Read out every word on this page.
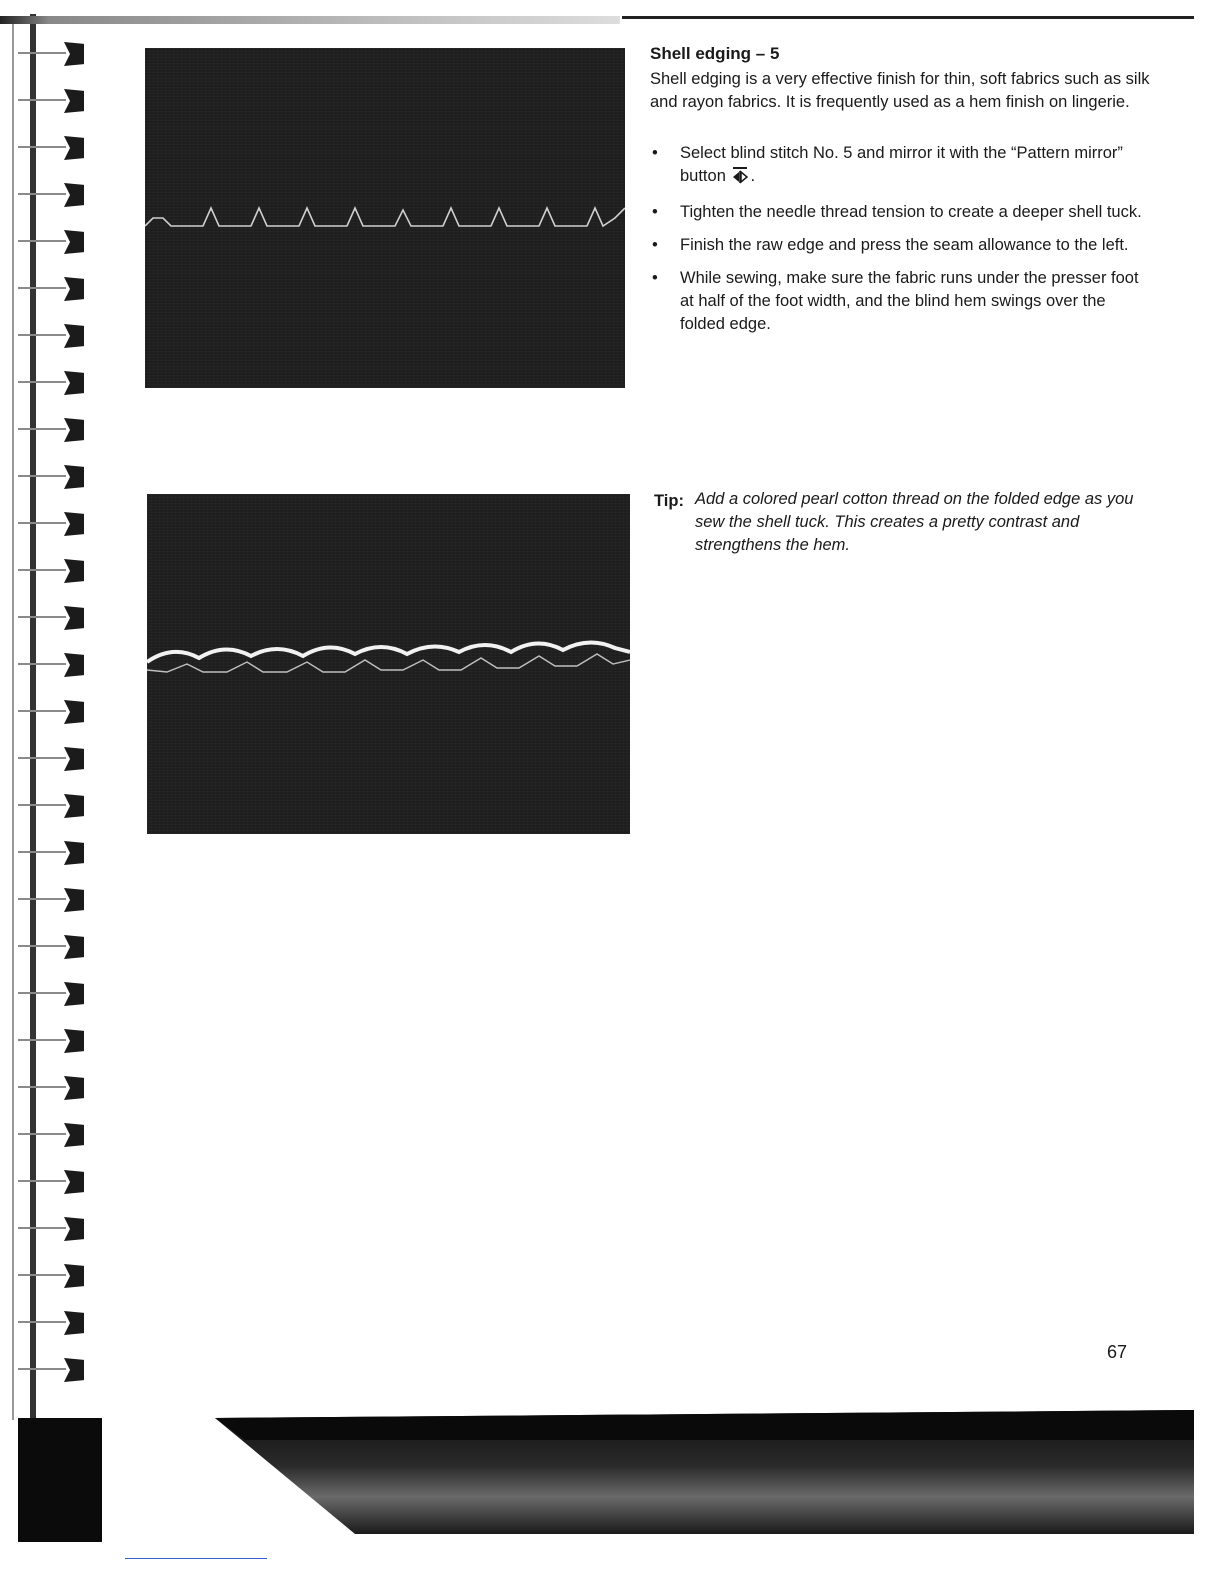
Shell edging – 5
Shell edging is a very effective finish for thin, soft fabrics such as silk and rayon fabrics. It is frequently used as a hem finish on lingerie.
• Select blind stitch No. 5 and mirror it with the “Pattern mirror” button .
• Tighten the needle thread tension to create a deeper shell tuck.
• Finish the raw edge and press the seam allowance to the left.
• While sewing, make sure the fabric runs under the presser foot at half of the foot width, and the blind hem swings over the folded edge.
Tip: Add a colored pearl cotton thread on the folded edge as you sew the shell tuck. This creates a pretty contrast and strengthens the hem.
67
